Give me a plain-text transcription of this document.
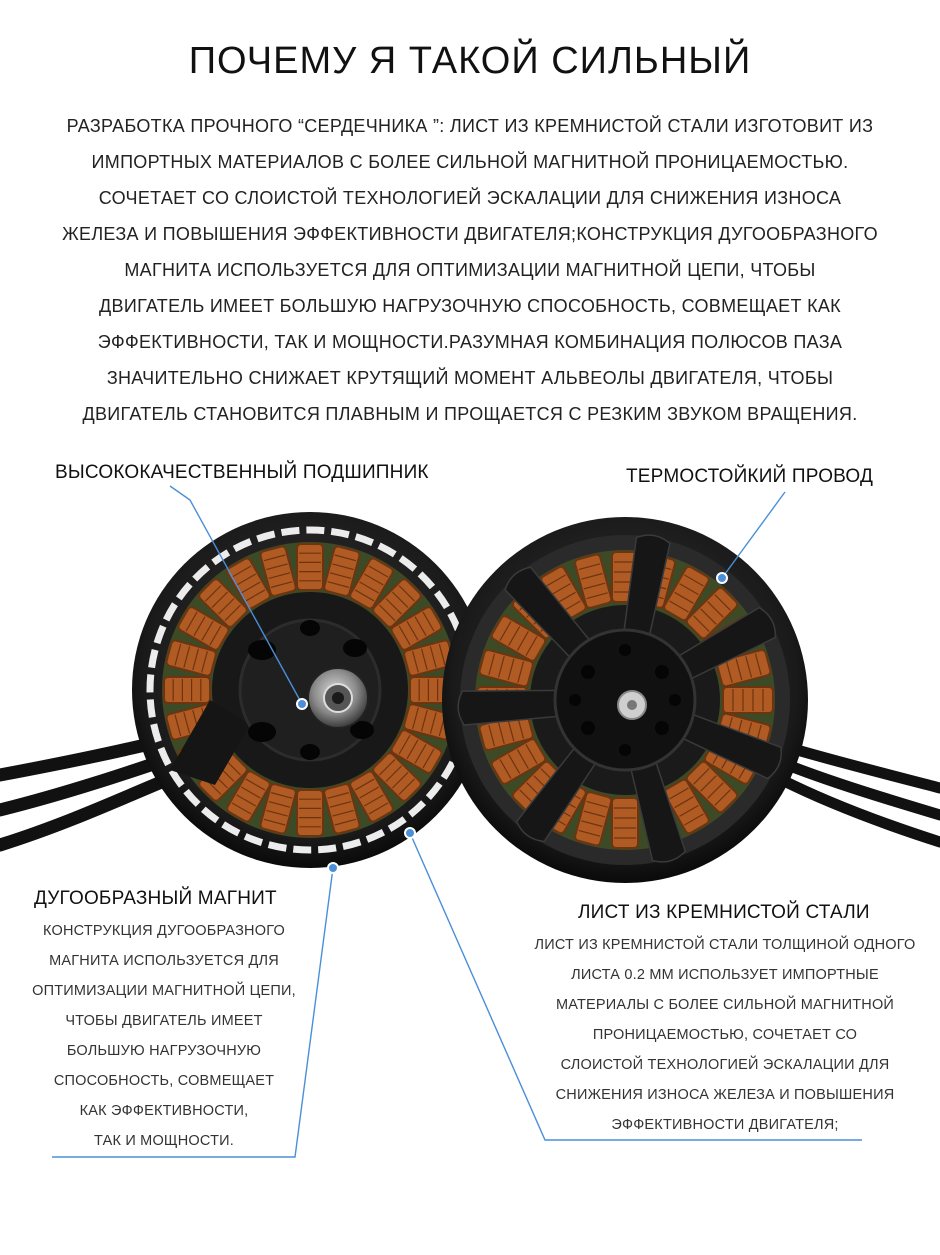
ПОЧЕМУ Я ТАКОЙ СИЛЬНЫЙ
РАЗРАБОТКА ПРОЧНОГО “СЕРДЕЧНИКА ”: ЛИСТ ИЗ КРЕМНИСТОЙ СТАЛИ ИЗГОТОВИТ ИЗ
ИМПОРТНЫХ МАТЕРИАЛОВ С БОЛЕЕ СИЛЬНОЙ МАГНИТНОЙ ПРОНИЦАЕМОСТЬЮ.
СОЧЕТАЕТ СО СЛОИСТОЙ ТЕХНОЛОГИЕЙ ЭСКАЛАЦИИ ДЛЯ СНИЖЕНИЯ ИЗНОСА
ЖЕЛЕЗА И ПОВЫШЕНИЯ ЭФФЕКТИВНОСТИ ДВИГАТЕЛЯ;КОНСТРУКЦИЯ ДУГООБРАЗНОГО
МАГНИТА ИСПОЛЬЗУЕТСЯ ДЛЯ ОПТИМИЗАЦИИ МАГНИТНОЙ ЦЕПИ, ЧТОБЫ
ДВИГАТЕЛЬ ИМЕЕТ БОЛЬШУЮ НАГРУЗОЧНУЮ СПОСОБНОСТЬ, СОВМЕЩАЕТ КАК
ЭФФЕКТИВНОСТИ, ТАК И МОЩНОСТИ.РАЗУМНАЯ КОМБИНАЦИЯ ПОЛЮСОВ ПАЗА
ЗНАЧИТЕЛЬНО СНИЖАЕТ КРУТЯЩИЙ МОМЕНТ АЛЬВЕОЛЫ ДВИГАТЕЛЯ, ЧТОБЫ
ДВИГАТЕЛЬ СТАНОВИТСЯ ПЛАВНЫМ И ПРОЩАЕТСЯ С РЕЗКИМ ЗВУКОМ ВРАЩЕНИЯ.
ВЫСОКОКАЧЕСТВЕННЫЙ ПОДШИПНИК	ТЕРМОСТОЙКИЙ ПРОВОД
ДУГООБРАЗНЫЙ МАГНИТ
КОНСТРУКЦИЯ ДУГООБРАЗНОГО
МАГНИТА ИСПОЛЬЗУЕТСЯ ДЛЯ
ОПТИМИЗАЦИИ МАГНИТНОЙ ЦЕПИ,
ЧТОБЫ ДВИГАТЕЛЬ ИМЕЕТ
БОЛЬШУЮ НАГРУЗОЧНУЮ
СПОСОБНОСТЬ, СОВМЕЩАЕТ
КАК ЭФФЕКТИВНОСТИ,
ТАК И МОЩНОСТИ.
ЛИСТ ИЗ КРЕМНИСТОЙ СТАЛИ
ЛИСТ ИЗ КРЕМНИСТОЙ СТАЛИ ТОЛЩИНОЙ ОДНОГО
ЛИСТА 0.2 ММ ИСПОЛЬЗУЕТ ИМПОРТНЫЕ
МАТЕРИАЛЫ С БОЛЕЕ СИЛЬНОЙ МАГНИТНОЙ
ПРОНИЦАЕМОСТЬЮ, СОЧЕТАЕТ СО
СЛОИСТОЙ ТЕХНОЛОГИЕЙ ЭСКАЛАЦИИ ДЛЯ
СНИЖЕНИЯ ИЗНОСА ЖЕЛЕЗА И ПОВЫШЕНИЯ
ЭФФЕКТИВНОСТИ ДВИГАТЕЛЯ;
